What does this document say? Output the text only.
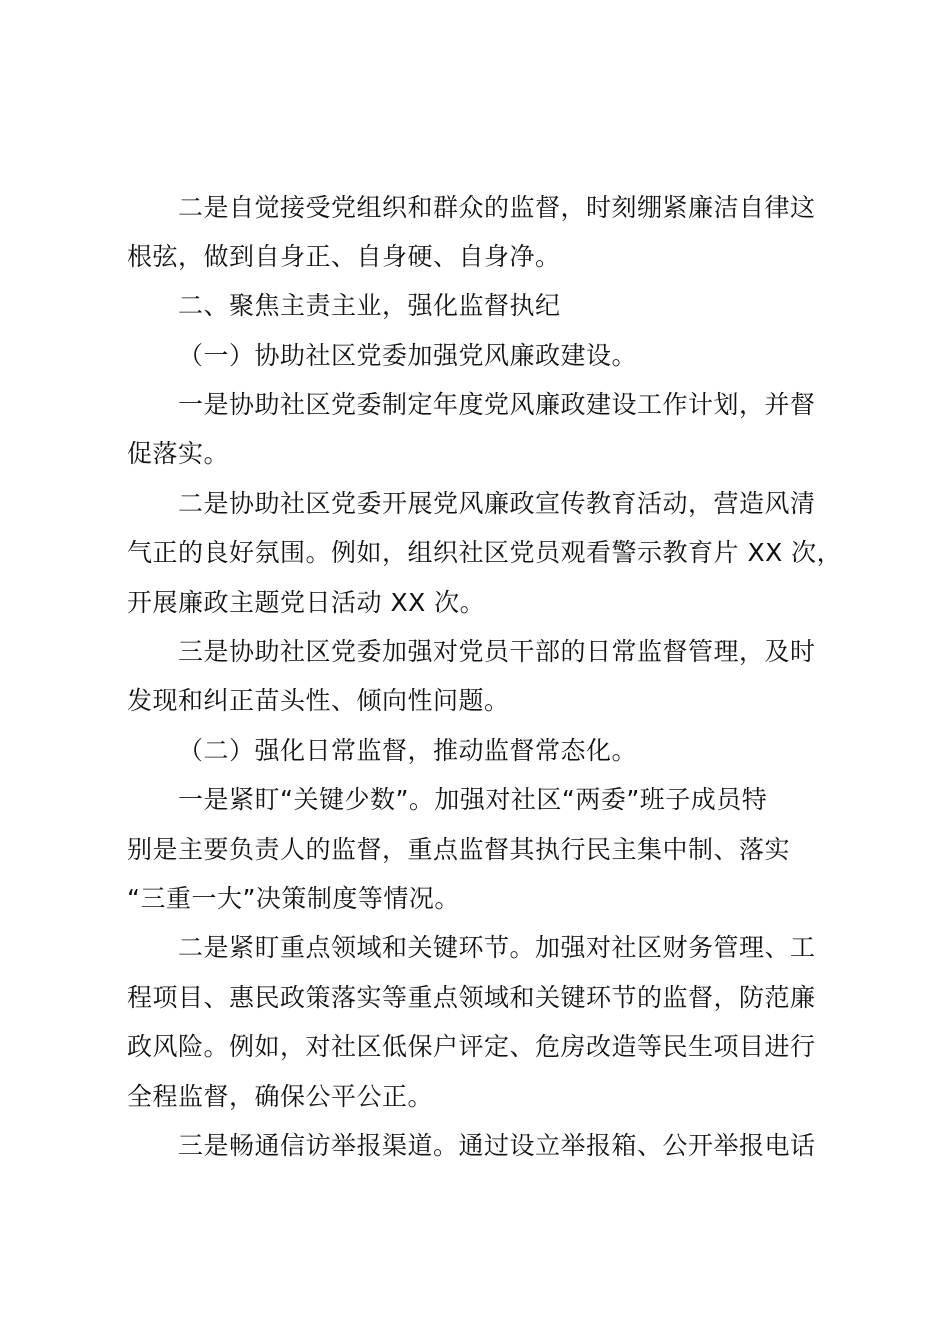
二是自觉接受党组织和群众的监督，时刻绷紧廉洁自律这
根弦，做到自身正、自身硬、自身净。
二、聚焦主责主业，强化监督执纪
（一）协助社区党委加强党风廉政建设。
一是协助社区党委制定年度党风廉政建设工作计划，并督
促落实。
二是协助社区党委开展党风廉政宣传教育活动，营造风清
气正的良好氛围。例如，组织社区党员观看警示教育片 XX 次，
开展廉政主题党日活动 XX 次。
三是协助社区党委加强对党员干部的日常监督管理，及时
发现和纠正苗头性、倾向性问题。
（二）强化日常监督，推动监督常态化。
一是紧盯“关键少数”。加强对社区“两委”班子成员特
别是主要负责人的监督，重点监督其执行民主集中制、落实
“三重一大”决策制度等情况。
二是紧盯重点领域和关键环节。加强对社区财务管理、工
程项目、惠民政策落实等重点领域和关键环节的监督，防范廉
政风险。例如，对社区低保户评定、危房改造等民生项目进行
全程监督，确保公平公正。
三是畅通信访举报渠道。通过设立举报箱、公开举报电话
